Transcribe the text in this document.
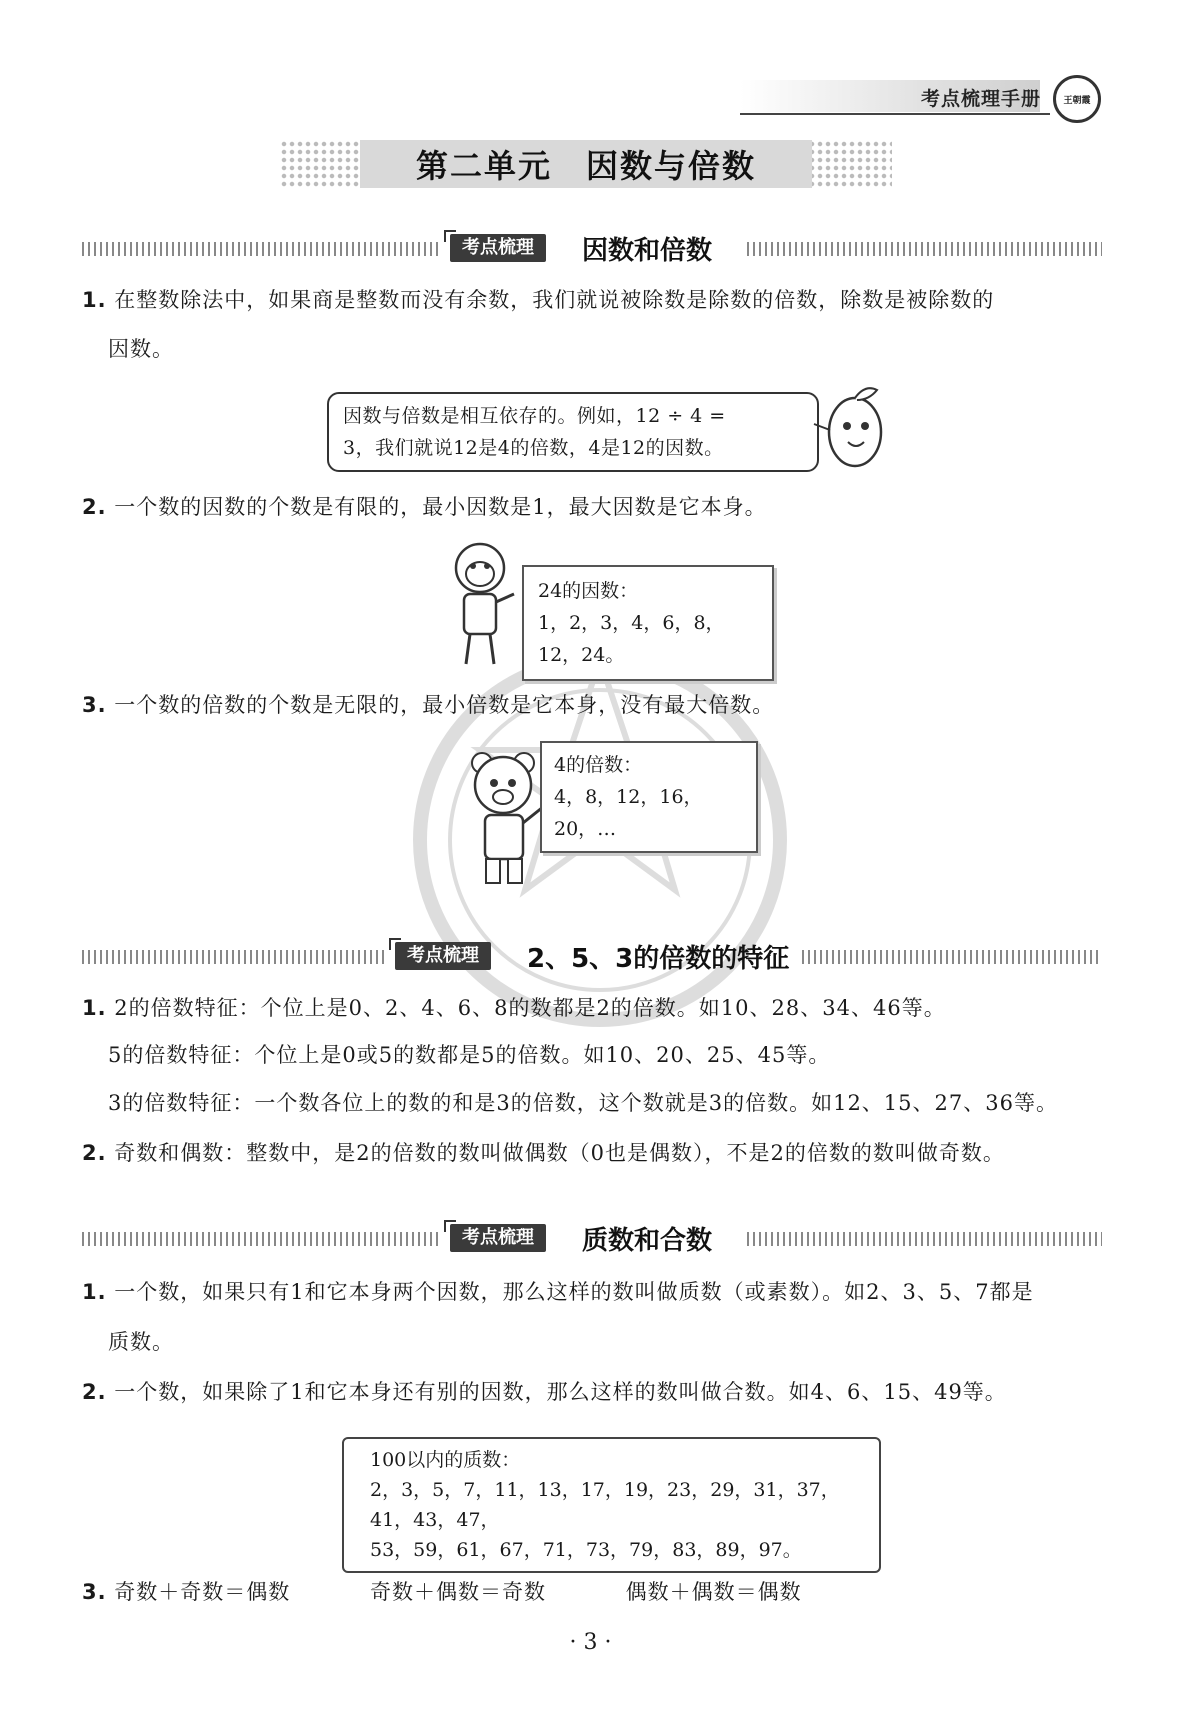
考点梳理手册 王朝霞
第二单元　因数与倍数
考点梳理	因数和倍数
1. 在整数除法中，如果商是整数而没有余数，我们就说被除数是除数的倍数，除数是被除数的
因数。
因数与倍数是相互依存的。例如，12 ÷ 4 =
3，我们就说12是4的倍数，4是12的因数。
2. 一个数的因数的个数是有限的，最小因数是1，最大因数是它本身。
24的因数：
1，2，3，4，6，8，12，24。
3. 一个数的倍数的个数是无限的，最小倍数是它本身，没有最大倍数。
4的倍数：
4，8，12，16，20，…
考点梳理	2、5、3的倍数的特征
1. 2的倍数特征：个位上是0、2、4、6、8的数都是2的倍数。如10、28、34、46等。
5的倍数特征：个位上是0或5的数都是5的倍数。如10、20、25、45等。
3的倍数特征：一个数各位上的数的和是3的倍数，这个数就是3的倍数。如12、15、27、36等。
2. 奇数和偶数：整数中，是2的倍数的数叫做偶数（0也是偶数），不是2的倍数的数叫做奇数。
考点梳理	质数和合数
1. 一个数，如果只有1和它本身两个因数，那么这样的数叫做质数（或素数）。如2、3、5、7都是
质数。
2. 一个数，如果除了1和它本身还有别的因数，那么这样的数叫做合数。如4、6、15、49等。
100以内的质数：
2，3，5，7，11，13，17，19，23，29，31，37，41，43，47，
53，59，61，67，71，73，79，83，89，97。
3. 奇数＋奇数＝偶数	奇数＋偶数＝奇数	偶数＋偶数＝偶数
· 3 ·
